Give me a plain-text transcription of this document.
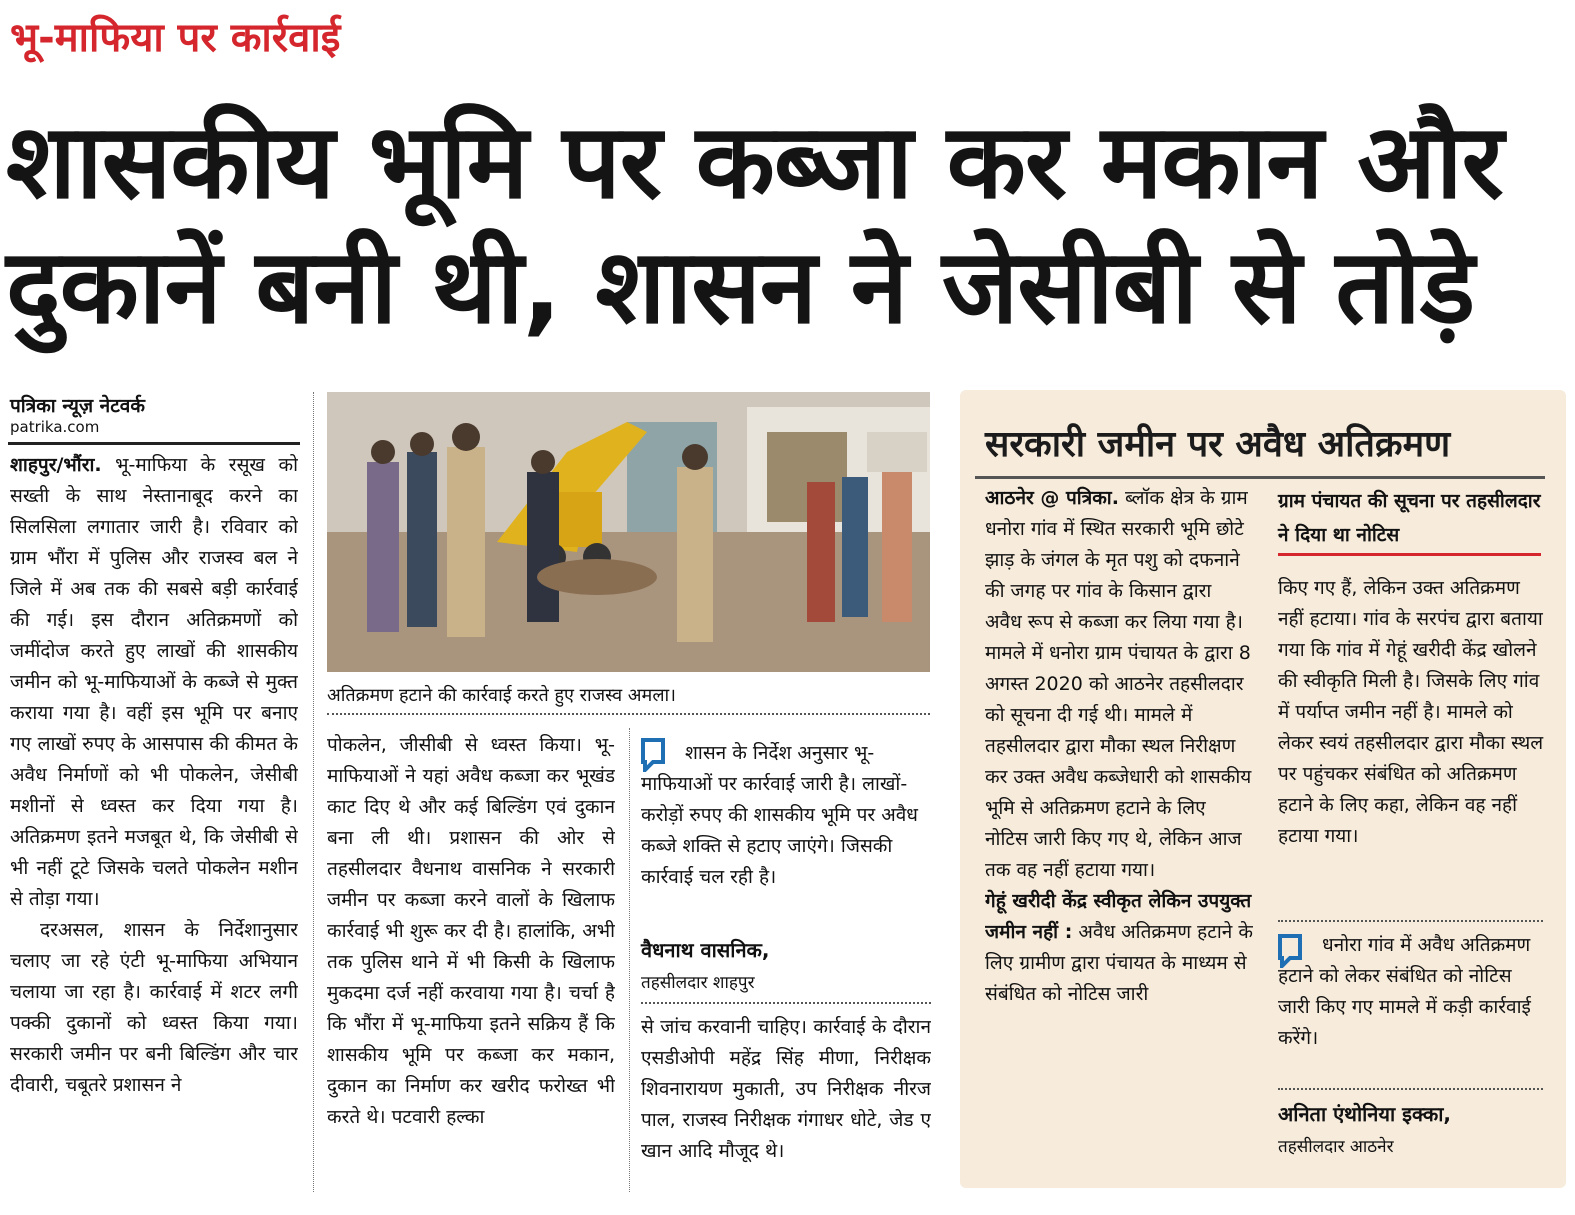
भू-माफिया पर कार्रवाई
शासकीय भूमि पर कब्जा कर मकान और दुकानें बनी थी, शासन ने जेसीबी से तोड़े
पत्रिका न्यूज़ नेटवर्क
patrika.com

शाहपुर/भौंरा. भू-माफिया के रसूख को सख्ती के साथ नेस्तानाबूद करने का सिलसिला लगातार जारी है। रविवार को ग्राम भौंरा में पुलिस और राजस्व बल ने जिले में अब तक की सबसे बड़ी कार्रवाई की गई। इस दौरान अतिक्रमणों को जमींदोज करते हुए लाखों की शासकीय जमीन को भू-माफियाओं के कब्जे से मुक्त कराया गया है। वहीं इस भूमि पर बनाए गए लाखों रुपए के आसपास की कीमत के अवैध निर्माणों को भी पोकलेन, जेसीबी मशीनों से ध्वस्त कर दिया गया है। अतिक्रमण इतने मजबूत थे, कि जेसीबी से भी नहीं टूटे जिसके चलते पोकलेन मशीन से तोड़ा गया।

दरअसल, शासन के निर्देशानुसार चलाए जा रहे एंटी भू-माफिया अभियान चलाया जा रहा है। कार्रवाई में शटर लगी पक्की दुकानों को ध्वस्त किया गया। सरकारी जमीन पर बनी बिल्डिंग और चार दीवारी, चबूतरे प्रशासन ने

अतिक्रमण हटाने की कार्रवाई करते हुए राजस्व अमला।

पोकलेन, जीसीबी से ध्वस्त किया। भू-माफियाओं ने यहां अवैध कब्जा कर भूखंड काट दिए थे और कई बिल्डिंग एवं दुकान बना ली थी। प्रशासन की ओर से तहसीलदार वैधनाथ वासनिक ने सरकारी जमीन पर कब्जा करने वालों के खिलाफ कार्रवाई भी शुरू कर दी है। हालांकि, अभी तक पुलिस थाने में भी किसी के खिलाफ मुकदमा दर्ज नहीं करवाया गया है। चर्चा है कि भौंरा में भू-माफिया इतने सक्रिय हैं कि शासकीय भूमि पर कब्जा कर मकान, दुकान का निर्माण कर खरीद फरोख्त भी करते थे। पटवारी हल्का

शासन के निर्देश अनुसार भू-माफियाओं पर कार्रवाई जारी है। लाखों- करोड़ों रुपए की शासकीय भूमि पर अवैध कब्जे शक्ति से हटाए जाएंगे। जिसकी कार्रवाई चल रही है।
वैधनाथ वासनिक,
तहसीलदार शाहपुर

से जांच करवानी चाहिए। कार्रवाई के दौरान एसडीओपी महेंद्र सिंह मीणा, निरीक्षक शिवनारायण मुकाती, उप निरीक्षक नीरज पाल, राजस्व निरीक्षक गंगाधर धोटे, जेड ए खान आदि मौजूद थे।

सरकारी जमीन पर अवैध अतिक्रमण

आठनेर @ पत्रिका. ब्लॉक क्षेत्र के ग्राम धनोरा गांव में स्थित सरकारी भूमि छोटे झाड़ के जंगल के मृत पशु को दफनाने की जगह पर गांव के किसान द्वारा अवैध रूप से कब्जा कर लिया गया है। मामले में धनोरा ग्राम पंचायत के द्वारा 8 अगस्त 2020 को आठनेर तहसीलदार को सूचना दी गई थी। मामले में तहसीलदार द्वारा मौका स्थल निरीक्षण कर उक्त अवैध कब्जेधारी को शासकीय भूमि से अतिक्रमण हटाने के लिए नोटिस जारी किए गए थे, लेकिन आज तक वह नहीं हटाया गया।

गेहूं खरीदी केंद्र स्वीकृत लेकिन उपयुक्त जमीन नहीं : अवैध अतिक्रमण हटाने के लिए ग्रामीण द्वारा पंचायत के माध्यम से संबंधित को नोटिस जारी

ग्राम पंचायत की सूचना पर तहसीलदार ने दिया था नोटिस

किए गए हैं, लेकिन उक्त अतिक्रमण नहीं हटाया। गांव के सरपंच द्वारा बताया गया कि गांव में गेहूं खरीदी केंद्र खोलने की स्वीकृति मिली है। जिसके लिए गांव में पर्याप्त जमीन नहीं है। मामले को लेकर स्वयं तहसीलदार द्वारा मौका स्थल पर पहुंचकर संबंधित को अतिक्रमण हटाने के लिए कहा, लेकिन वह नहीं हटाया गया।

धनोरा गांव में अवैध अतिक्रमण हटाने को लेकर संबंधित को नोटिस जारी किए गए मामले में कड़ी कार्रवाई करेंगे।
अनिता एंथोनिया इक्का,
तहसीलदार आठनेर
